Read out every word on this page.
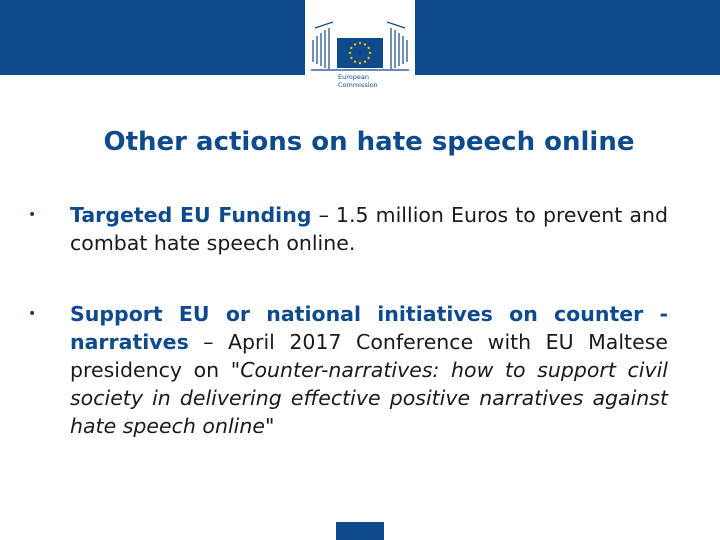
European
Commission
Other actions on hate speech online
• Targeted EU Funding – 1.5 million Euros to prevent and combat hate speech online.
• Support EU or national initiatives on counter -narratives – April 2017 Conference with EU Maltese presidency on "Counter-narratives: how to support civil society in delivering effective positive narratives against hate speech online"
